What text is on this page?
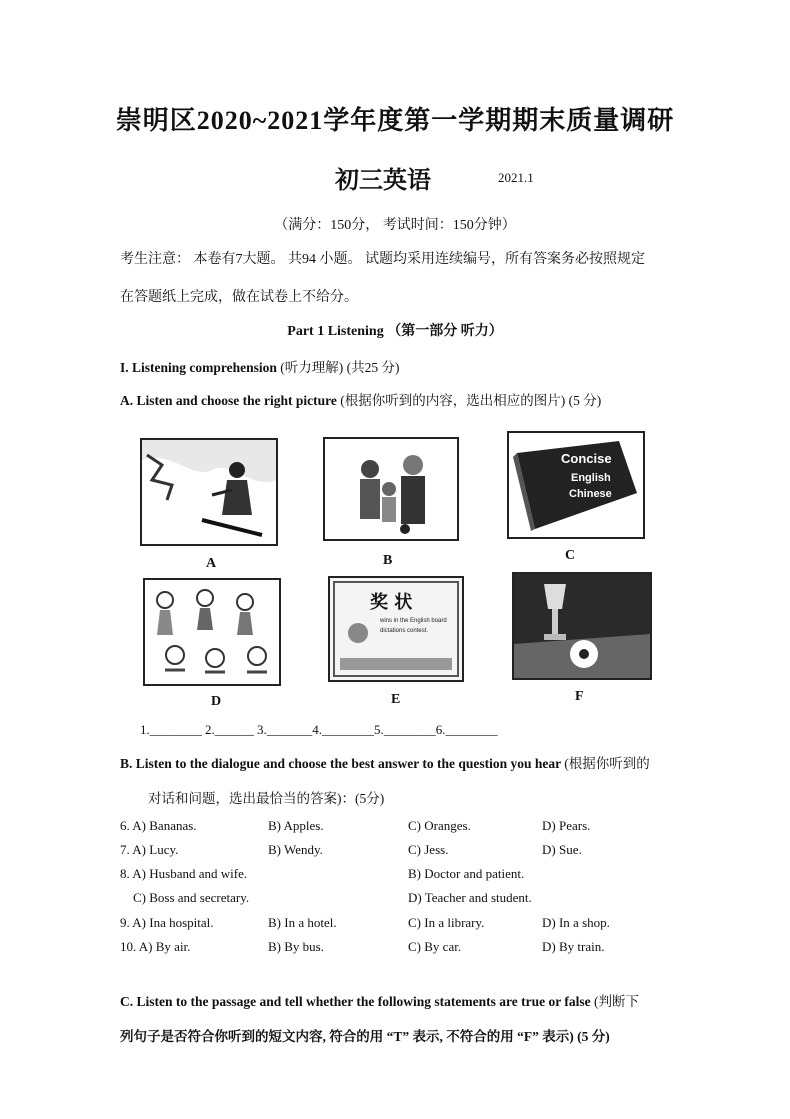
崇明区2020~2021学年度第一学期期末质量调研
初三英语	2021.1
（满分：150分， 考试时间：150分钟）
考生注意： 本卷有7大题。 共94 小题。 试题均采用连续编号，所有答案务必按照规定
在答题纸上完成，做在试卷上不给分。
Part 1 Listening （第一部分 听力）
I. Listening comprehension (听力理解) (共25 分)
A. Listen and choose the right picture (根据你听到的内容，选出相应的图片) (5 分)
A	B
Concise
English
Chinese
C
D
奖 状
wins in the English board
dictations contest.
E	F
1.________ 2.______ 3._______4.________5.________6.________
B. Listen to the dialogue and choose the best answer to the question you hear (根据你听到的
对话和问题，选出最恰当的答案)：(5分)
6. A) Bananas.	B) Apples.	C) Oranges.	D) Pears.
7. A) Lucy.	B) Wendy.	C) Jess.	D) Sue.
8. A) Husband and wife.	B) Doctor and patient.
C) Boss and secretary.	D) Teacher and student.
9. A) Ina hospital.	B) In a hotel.	C) In a library.	D) In a shop.
10. A) By air.	B) By bus.	C) By car.	D) By train.
C. Listen to the passage and tell whether the following statements are true or false (判断下
列句子是否符合你听到的短文内容, 符合的用 “T” 表示, 不符合的用 “F” 表示) (5 分)
